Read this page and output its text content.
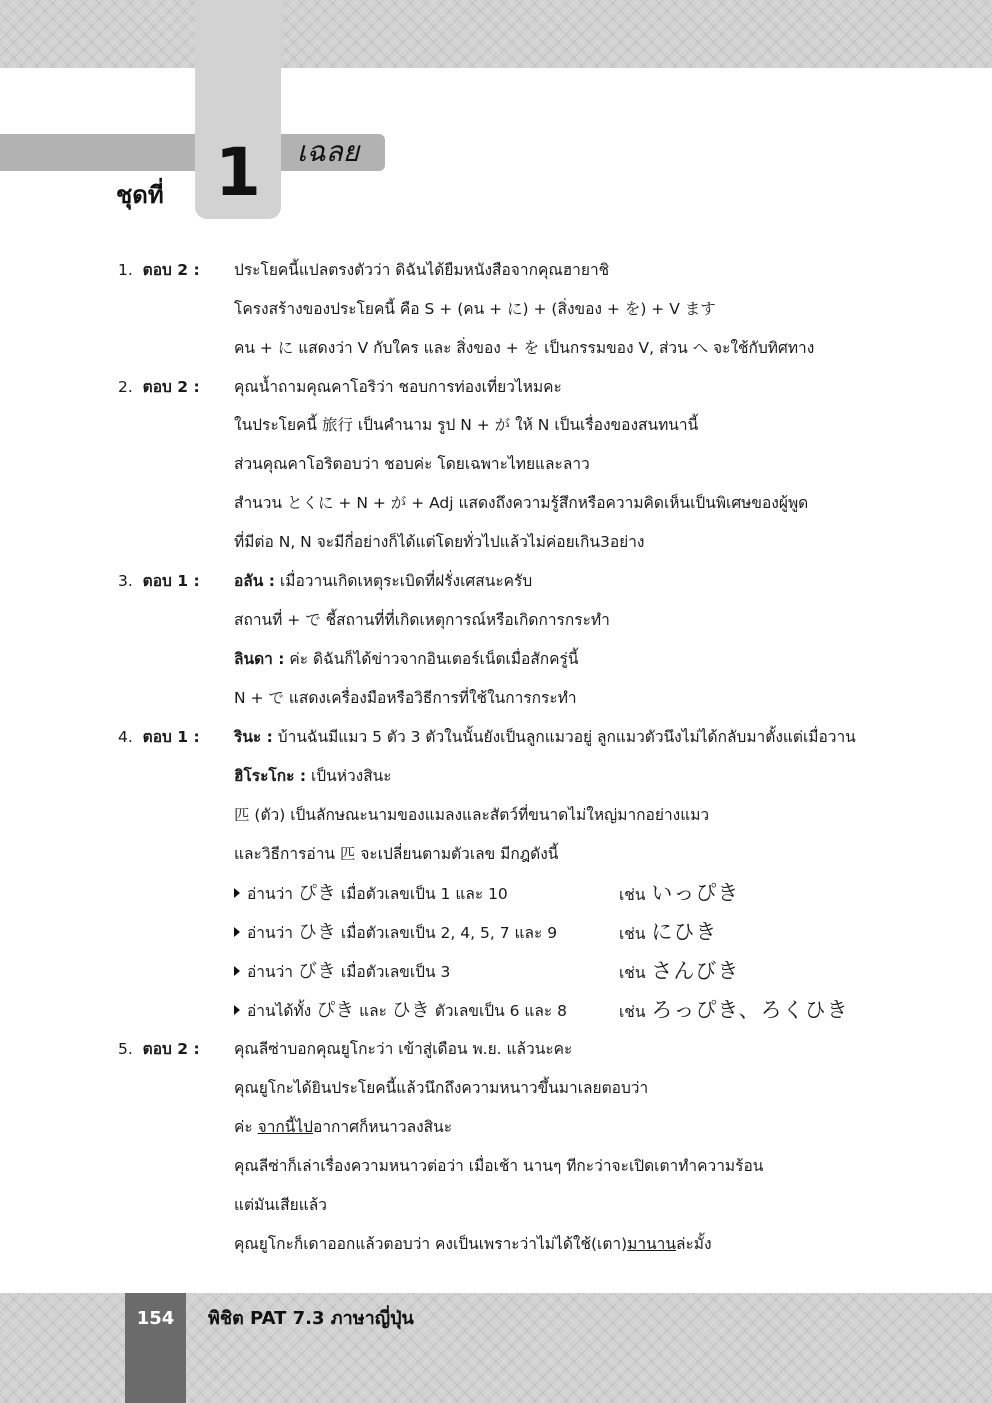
1	เฉลย
ชุดที่
1. ตอบ 2 : ประโยคนี้แปลตรงตัวว่า ดิฉันได้ยืมหนังสือจากคุณฮายาชิ
โครงสร้างของประโยคนี้ คือ S + (คน + に) + (สิ่งของ + を) + V ます
คน + に แสดงว่า V กับใคร และ สิ่งของ + を เป็นกรรมของ V, ส่วน へ จะใช้กับทิศทาง
2. ตอบ 2 : คุณน้ำถามคุณคาโอริว่า ชอบการท่องเที่ยวไหมคะ
ในประโยคนี้ 旅行 เป็นคำนาม รูป N + が ให้ N เป็นเรื่องของสนทนานี้
ส่วนคุณคาโอริตอบว่า ชอบค่ะ โดยเฉพาะไทยและลาว
สำนวน とくに + N + が + Adj แสดงถึงความรู้สึกหรือความคิดเห็นเป็นพิเศษของผู้พูด
ที่มีต่อ N, N จะมีกี่อย่างก็ได้แต่โดยทั่วไปแล้วไม่ค่อยเกิน3อย่าง
3. ตอบ 1 : อลัน : เมื่อวานเกิดเหตุระเบิดที่ฝรั่งเศสนะครับ
สถานที่ + で ชี้สถานที่ที่เกิดเหตุการณ์หรือเกิดการกระทำ
ลินดา : ค่ะ ดิฉันก็ได้ข่าวจากอินเตอร์เน็ตเมื่อสักครู่นี้
N + で แสดงเครื่องมือหรือวิธีการที่ใช้ในการกระทำ
4. ตอบ 1 : รินะ : บ้านฉันมีแมว 5 ตัว 3 ตัวในนั้นยังเป็นลูกแมวอยู่ ลูกแมวตัวนึงไม่ได้กลับมาตั้งแต่เมื่อวาน
ฮิโระโกะ : เป็นห่วงสินะ
匹 (ตัว) เป็นลักษณะนามของแมลงและสัตว์ที่ขนาดไม่ใหญ่มากอย่างแมว
และวิธีการอ่าน 匹 จะเปลี่ยนตามตัวเลข มีกฎดังนี้
อ่านว่า ぴき เมื่อตัวเลขเป็น 1 และ 10	เช่น いっぴき
อ่านว่า ひき เมื่อตัวเลขเป็น 2, 4, 5, 7 และ 9	เช่น にひき
อ่านว่า びき เมื่อตัวเลขเป็น 3	เช่น さんびき
อ่านได้ทั้ง ぴき และ ひき ตัวเลขเป็น 6 และ 8	เช่น ろっぴき、ろくひき
5. ตอบ 2 : คุณลีซ่าบอกคุณยูโกะว่า เข้าสู่เดือน พ.ย. แล้วนะคะ
คุณยูโกะได้ยินประโยคนี้แล้วนึกถึงความหนาวขึ้นมาเลยตอบว่า
ค่ะ จากนี้ไปอากาศก็หนาวลงสินะ
คุณลีซ่าก็เล่าเรื่องความหนาวต่อว่า เมื่อเช้า นานๆ ทีกะว่าจะเปิดเตาทำความร้อน
แต่มันเสียแล้ว
คุณยูโกะก็เดาออกแล้วตอบว่า คงเป็นเพราะว่าไม่ได้ใช้(เตา)มานานล่ะมั้ง
154	พิชิต PAT 7.3 ภาษาญี่ปุ่น
